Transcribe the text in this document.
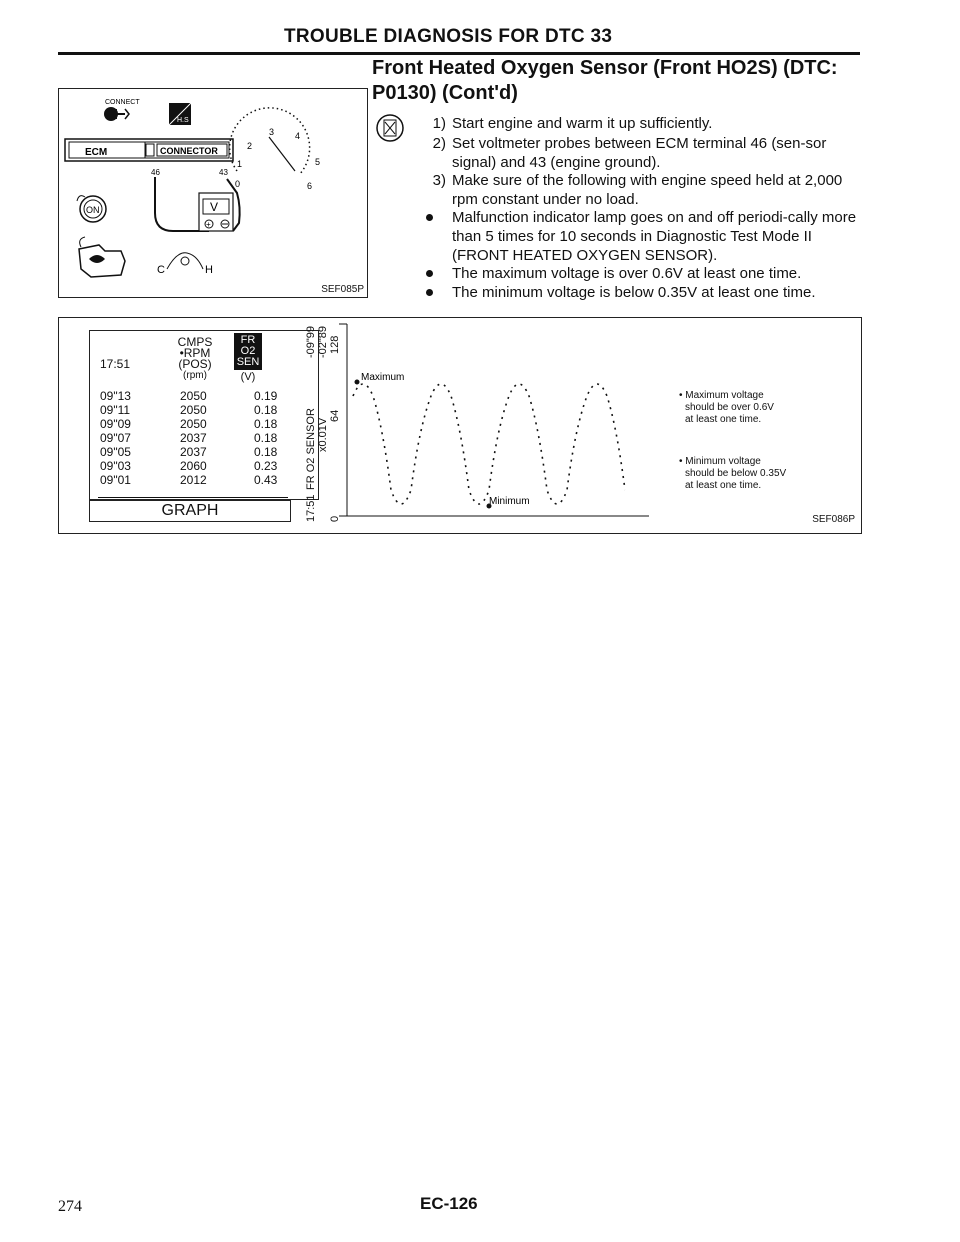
TROUBLE DIAGNOSIS FOR DTC 33
Front Heated Oxygen Sensor (Front HO2S) (DTC:
P0130) (Cont'd)
CONNECT
H.S
ECM	CONNECTOR
46	43
V
+
0
1
2
3 4
5
6
ON
C	H
SEF085P
1) Start engine and warm it up sufficiently.
2) Set voltmeter probes between ECM terminal 46 (sen-sor signal) and 43 (engine ground).
3) Make sure of the following with engine speed held at 2,000 rpm constant under no load.
Malfunction indicator lamp goes on and off periodi-cally more than 5 times for 10 seconds in Diagnostic Test Mode II (FRONT HEATED OXYGEN SENSOR).
The maximum voltage is over 0.6V at least one time.
The minimum voltage is below 0.35V at least one time.
17:51
CMPS
•RPM
(POS)
(rpm)
FR
O2
SEN
(V)
09"13	2050	0.19
09"11	2050	0.18
09"09	2050	0.18
09"07	2037	0.18
09"05	2037	0.18
09"03	2060	0.23
09"01	2012	0.43
GRAPH
-09"99 -02"89 128
FR O2 SENSOR x0.01V
64
17:51 0
Maximum
Minimum
• Maximum voltage
should be over 0.6V
at least one time.
• Minimum voltage
should be below 0.35V
at least one time.
SEF086P
274	EC-126
